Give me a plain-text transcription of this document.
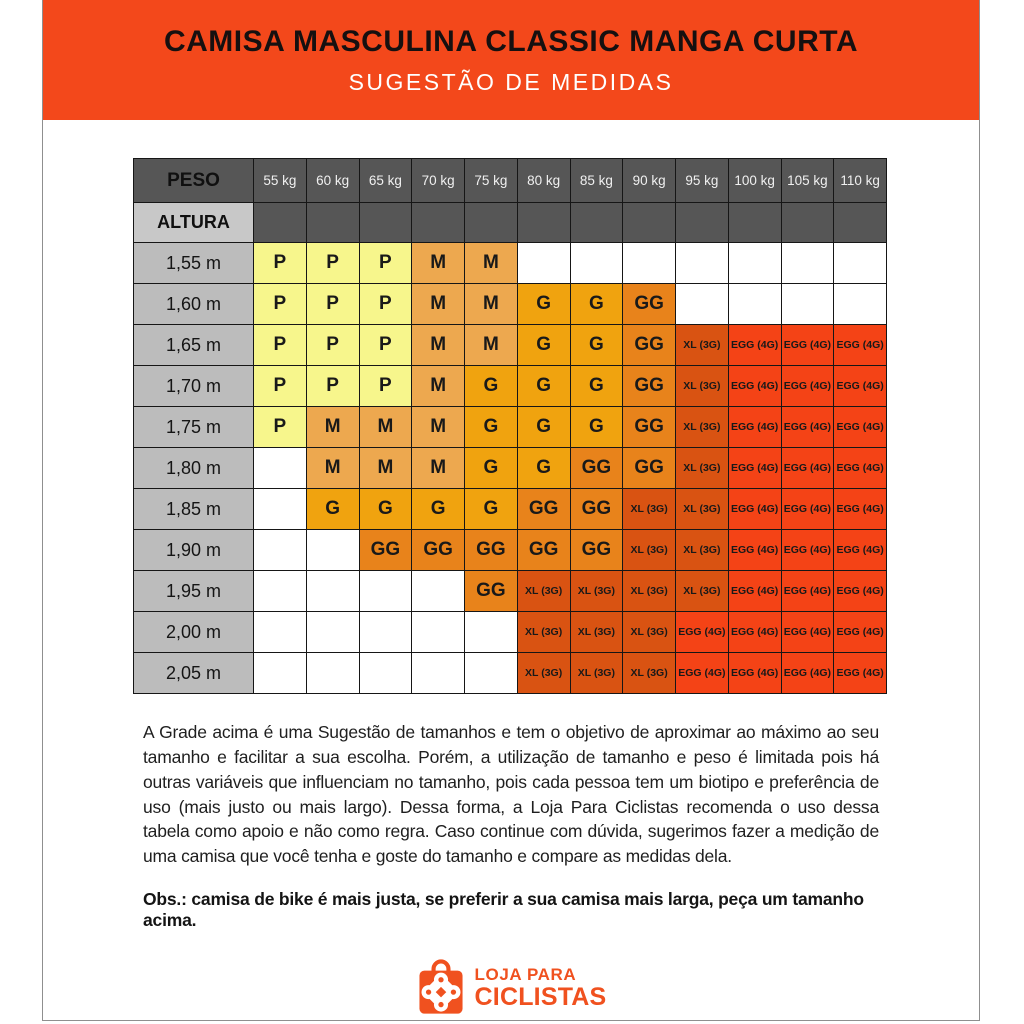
CAMISA MASCULINA CLASSIC MANGA CURTA
SUGESTÃO DE MEDIDAS
PESO	55 kg	60 kg	65 kg	70 kg	75 kg	80 kg	85 kg	90 kg	95 kg	100 kg	105 kg	110 kg
ALTURA												
1,55 m	P	P	P	M	M							
1,60 m	P	P	P	M	M	G	G	GG				
1,65 m	P	P	P	M	M	G	G	GG	XL (3G)	EGG (4G)	EGG (4G)	EGG (4G)
1,70 m	P	P	P	M	G	G	G	GG	XL (3G)	EGG (4G)	EGG (4G)	EGG (4G)
1,75 m	P	M	M	M	G	G	G	GG	XL (3G)	EGG (4G)	EGG (4G)	EGG (4G)
1,80 m		M	M	M	G	G	GG	GG	XL (3G)	EGG (4G)	EGG (4G)	EGG (4G)
1,85 m		G	G	G	G	GG	GG	XL (3G)	XL (3G)	EGG (4G)	EGG (4G)	EGG (4G)
1,90 m			GG	GG	GG	GG	GG	XL (3G)	XL (3G)	EGG (4G)	EGG (4G)	EGG (4G)
1,95 m					GG	XL (3G)	XL (3G)	XL (3G)	XL (3G)	EGG (4G)	EGG (4G)	EGG (4G)
2,00 m						XL (3G)	XL (3G)	XL (3G)	EGG (4G)	EGG (4G)	EGG (4G)	EGG (4G)
2,05 m						XL (3G)	XL (3G)	XL (3G)	EGG (4G)	EGG (4G)	EGG (4G)	EGG (4G)

A Grade acima é uma Sugestão de tamanhos e tem o objetivo de aproximar ao máximo ao seu tamanho e facilitar a sua escolha. Porém, a utilização de tamanho e peso é limitada pois há outras variáveis que influenciam no tamanho, pois cada pessoa tem um biotipo e preferência de uso (mais justo ou mais largo). Dessa forma, a Loja Para Ciclistas recomenda o uso dessa tabela como apoio e não como regra. Caso continue com dúvida, sugerimos fazer a medição de uma camisa que você tenha e goste do tamanho e compare as medidas dela.

Obs.: camisa de bike é mais justa, se preferir a sua camisa mais larga, peça um tamanho acima.

LOJA PARA
CICLISTAS
